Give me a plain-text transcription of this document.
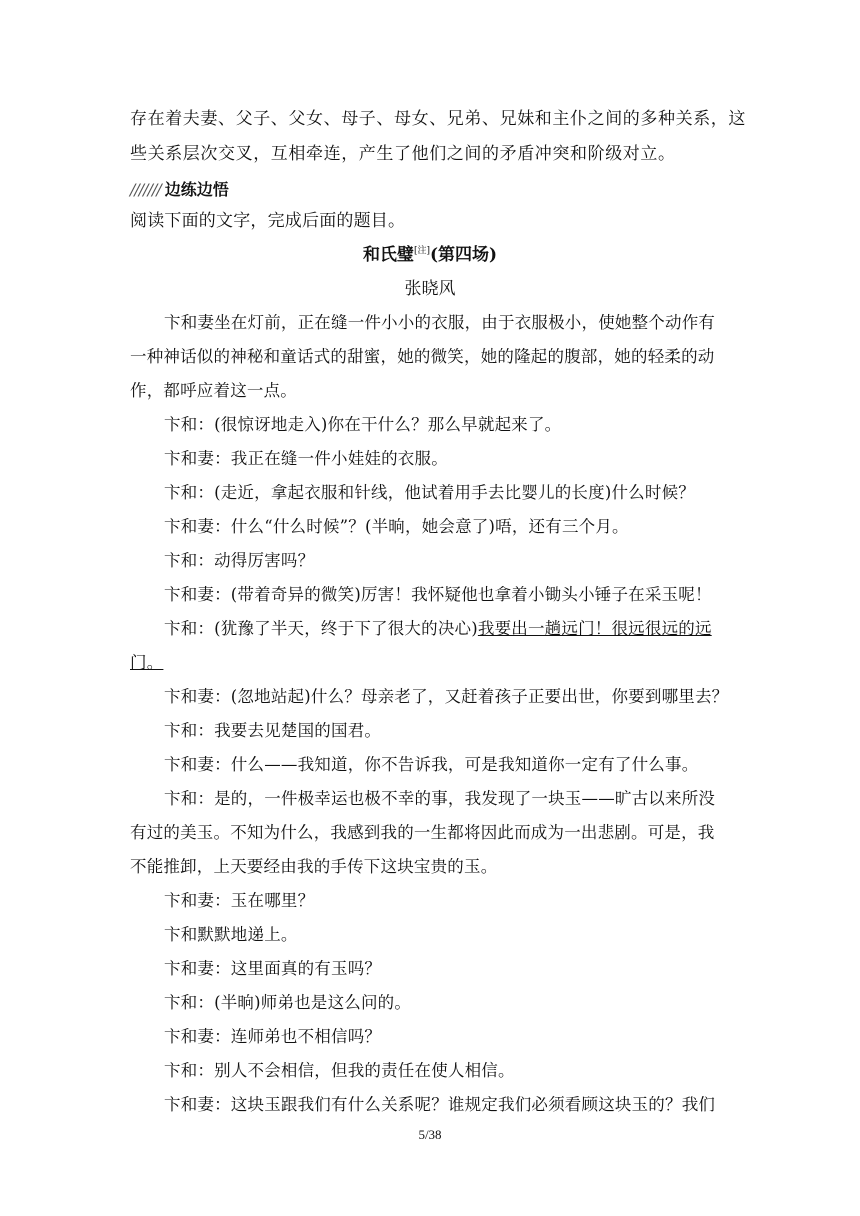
存在着夫妻、父子、父女、母子、母女、兄弟、兄妹和主仆之间的多种关系，这
些关系层次交叉，互相牵连，产生了他们之间的矛盾冲突和阶级对立。
/////// 边练边悟
阅读下面的文字，完成后面的题目。
和氏璧[注](第四场)
张晓风
卞和妻坐在灯前，正在缝一件小小的衣服，由于衣服极小，使她整个动作有
一种神话似的神秘和童话式的甜蜜，她的微笑，她的隆起的腹部，她的轻柔的动
作，都呼应着这一点。
卞和：(很惊讶地走入)你在干什么？那么早就起来了。
卞和妻：我正在缝一件小娃娃的衣服。
卞和：(走近，拿起衣服和针线，他试着用手去比婴儿的长度)什么时候？
卞和妻：什么“什么时候”？(半晌，她会意了)唔，还有三个月。
卞和：动得厉害吗？
卞和妻：(带着奇异的微笑)厉害！我怀疑他也拿着小锄头小锤子在采玉呢！
卞和：(犹豫了半天，终于下了很大的决心)我要出一趟远门！很远很远的远
门。
卞和妻：(忽地站起)什么？母亲老了，又赶着孩子正要出世，你要到哪里去？
卞和：我要去见楚国的国君。
卞和妻：什么——我知道，你不告诉我，可是我知道你一定有了什么事。
卞和：是的，一件极幸运也极不幸的事，我发现了一块玉——旷古以来所没
有过的美玉。不知为什么，我感到我的一生都将因此而成为一出悲剧。可是，我
不能推卸，上天要经由我的手传下这块宝贵的玉。
卞和妻：玉在哪里？
卞和默默地递上。
卞和妻：这里面真的有玉吗？
卞和：(半晌)师弟也是这么问的。
卞和妻：连师弟也不相信吗？
卞和：别人不会相信，但我的责任在使人相信。
卞和妻：这块玉跟我们有什么关系呢？谁规定我们必须看顾这块玉的？我们
5/38
